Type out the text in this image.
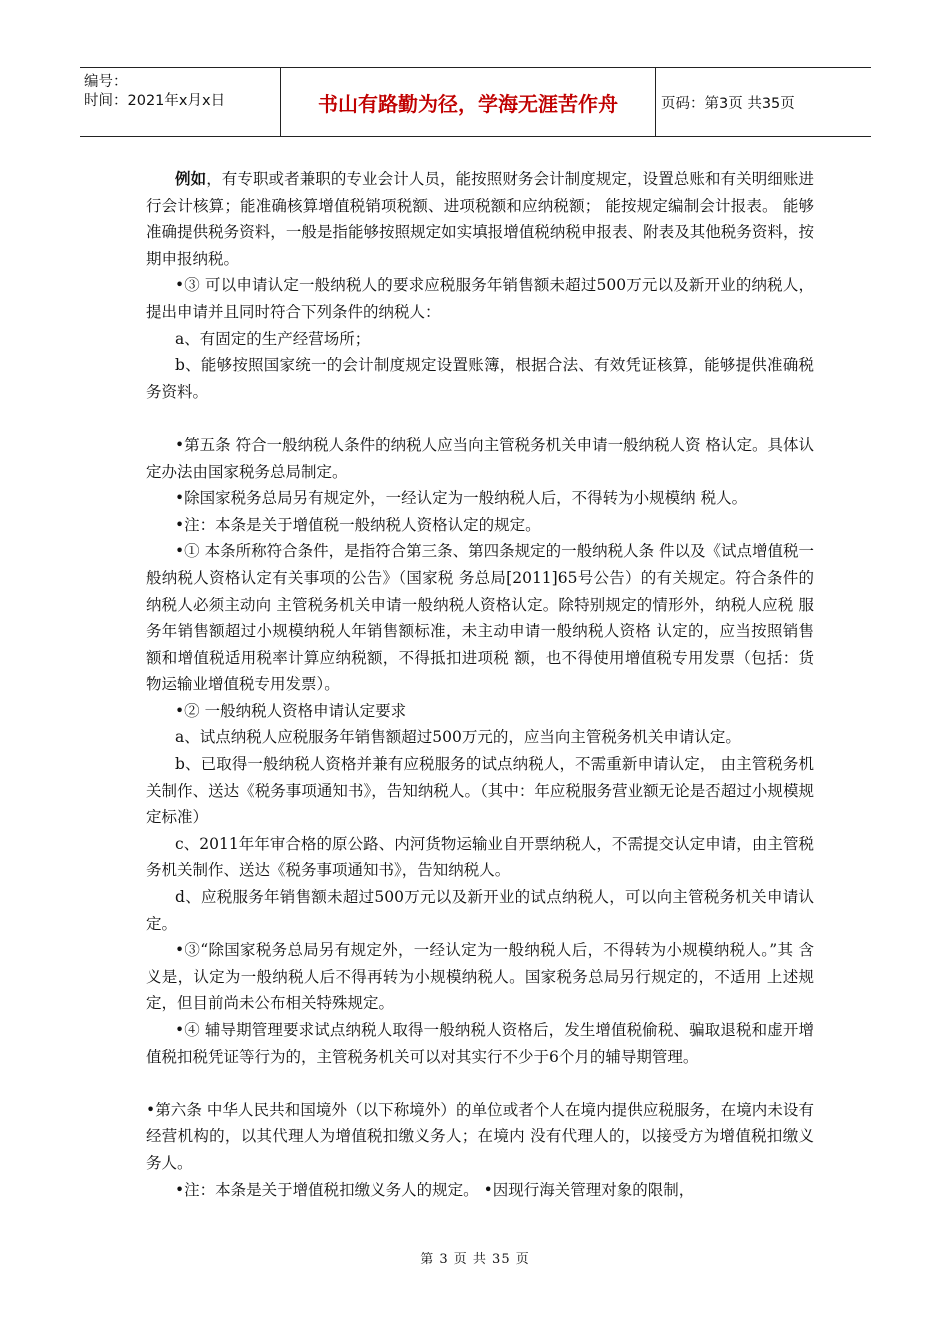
编号：
时间：2021年x月x日	书山有路勤为径，学海无涯苦作舟	页码：第3页 共35页

例如，有专职或者兼职的专业会计人员，能按照财务会计制度规定，设置总账和有关明细账进行会计核算；能准确核算增值税销项税额、进项税额和应纳税额； 能按规定编制会计报表。 能够准确提供税务资料，一般是指能够按照规定如实填报增值税纳税申报表、附表及其他税务资料，按期申报纳税。

•③ 可以申请认定一般纳税人的要求应税服务年销售额未超过500万元以及新开业的纳税人，提出申请并且同时符合下列条件的纳税人：

a、有固定的生产经营场所；

b、能够按照国家统一的会计制度规定设置账簿，根据合法、有效凭证核算，能够提供准确税务资料。

•第五条 符合一般纳税人条件的纳税人应当向主管税务机关申请一般纳税人资 格认定。具体认定办法由国家税务总局制定。

•除国家税务总局另有规定外，一经认定为一般纳税人后，不得转为小规模纳 税人。

•注：本条是关于增值税一般纳税人资格认定的规定。

•① 本条所称符合条件，是指符合第三条、第四条规定的一般纳税人条 件以及《试点增值税一般纳税人资格认定有关事项的公告》（国家税 务总局[2011]65号公告）的有关规定。符合条件的纳税人必须主动向 主管税务机关申请一般纳税人资格认定。除特别规定的情形外，纳税人应税 服务年销售额超过小规模纳税人年销售额标准，未主动申请一般纳税人资格 认定的，应当按照销售额和增值税适用税率计算应纳税额，不得抵扣进项税 额，也不得使用增值税专用发票（包括：货物运输业增值税专用发票）。

•② 一般纳税人资格申请认定要求

a、试点纳税人应税服务年销售额超过500万元的，应当向主管税务机关申请认定。

b、已取得一般纳税人资格并兼有应税服务的试点纳税人，不需重新申请认定， 由主管税务机关制作、送达《税务事项通知书》，告知纳税人。（其中：年应税服务营业额无论是否超过小规模规定标准）

c、2011年年审合格的原公路、内河货物运输业自开票纳税人，不需提交认定申请，由主管税务机关制作、送达《税务事项通知书》，告知纳税人。

d、应税服务年销售额未超过500万元以及新开业的试点纳税人，可以向主管税务机关申请认定。

•③“除国家税务总局另有规定外，一经认定为一般纳税人后，不得转为小规模纳税人。”其 含义是，认定为一般纳税人后不得再转为小规模纳税人。国家税务总局另行规定的，不适用 上述规定，但目前尚未公布相关特殊规定。

•④ 辅导期管理要求试点纳税人取得一般纳税人资格后，发生增值税偷税、骗取退税和虚开增值税扣税凭证等行为的，主管税务机关可以对其实行不少于6个月的辅导期管理。

•第六条 中华人民共和国境外（以下称境外）的单位或者个人在境内提供应税服务，在境内未设有经营机构的，以其代理人为增值税扣缴义务人；在境内 没有代理人的，以接受方为增值税扣缴义务人。

•注：本条是关于增值税扣缴义务人的规定。 •因现行海关管理对象的限制，

第 3 页 共 35 页
